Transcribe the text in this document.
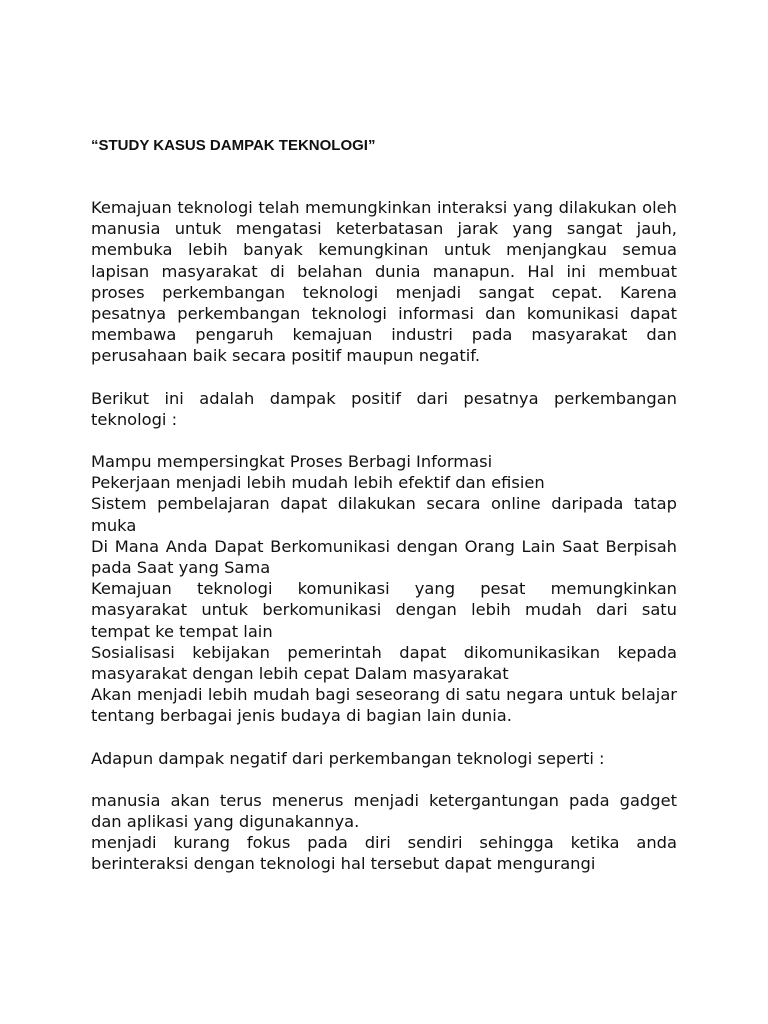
“STUDY KASUS DAMPAK TEKNOLOGI”

Kemajuan teknologi telah memungkinkan interaksi yang dilakukan oleh manusia untuk mengatasi keterbatasan jarak yang sangat jauh, membuka lebih banyak kemungkinan untuk menjangkau semua lapisan masyarakat di belahan dunia manapun. Hal ini membuat proses perkembangan teknologi menjadi sangat cepat. Karena pesatnya perkembangan teknologi informasi dan komunikasi dapat membawa pengaruh kemajuan industri pada masyarakat dan perusahaan baik secara positif maupun negatif.

Berikut ini adalah dampak positif dari pesatnya perkembangan teknologi :

Mampu mempersingkat Proses Berbagi Informasi

Pekerjaan menjadi lebih mudah lebih efektif dan efisien

Sistem pembelajaran dapat dilakukan secara online daripada tatap muka

Di Mana Anda Dapat Berkomunikasi dengan Orang Lain Saat Berpisah pada Saat yang Sama

Kemajuan teknologi komunikasi yang pesat memungkinkan masyarakat untuk berkomunikasi dengan lebih mudah dari satu tempat ke tempat lain

Sosialisasi kebijakan pemerintah dapat dikomunikasikan kepada masyarakat dengan lebih cepat Dalam masyarakat

Akan menjadi lebih mudah bagi seseorang di satu negara untuk belajar tentang berbagai jenis budaya di bagian lain dunia.

Adapun dampak negatif dari perkembangan teknologi seperti :

manusia akan terus menerus menjadi ketergantungan pada gadget dan aplikasi yang digunakannya.

menjadi kurang fokus pada diri sendiri sehingga ketika anda berinteraksi dengan teknologi hal tersebut dapat mengurangi
